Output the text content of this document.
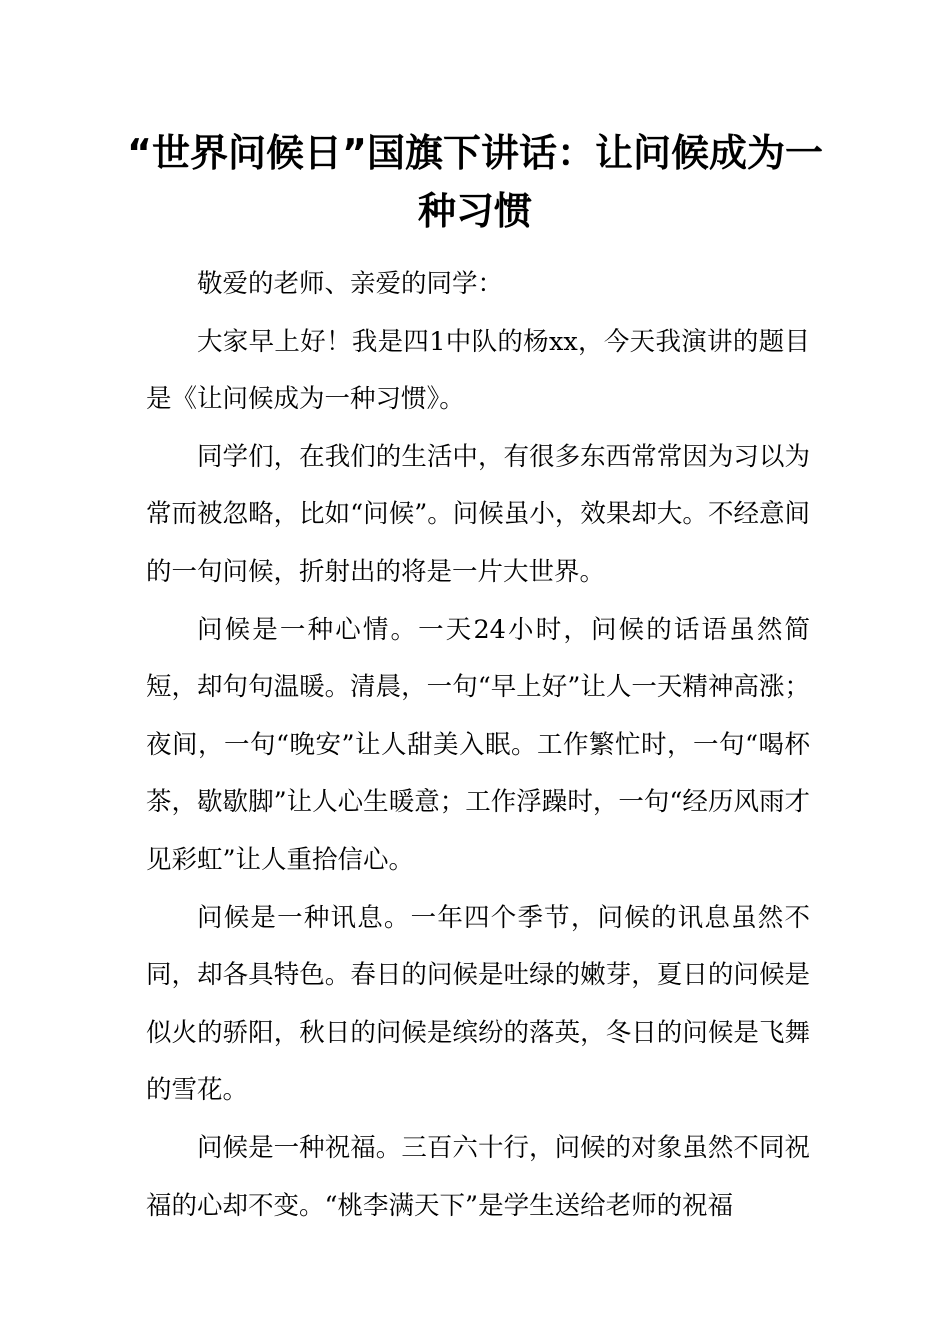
“世界问候日”国旗下讲话：让问候成为一种习惯

敬爱的老师、亲爱的同学：

大家早上好！我是四1中队的杨xx，今天我演讲的题目是《让问候成为一种习惯》。

同学们，在我们的生活中，有很多东西常常因为习以为常而被忽略，比如“问候”。问候虽小，效果却大。不经意间的一句问候，折射出的将是一片大世界。

问候是一种心情。一天24小时，问候的话语虽然简短，却句句温暖。清晨，一句“早上好”让人一天精神高涨；夜间，一句“晚安”让人甜美入眠。工作繁忙时，一句“喝杯茶，歇歇脚”让人心生暖意；工作浮躁时，一句“经历风雨才见彩虹”让人重拾信心。

问候是一种讯息。一年四个季节，问候的讯息虽然不同，却各具特色。春日的问候是吐绿的嫩芽，夏日的问候是似火的骄阳，秋日的问候是缤纷的落英，冬日的问候是飞舞的雪花。

问候是一种祝福。三百六十行，问候的对象虽然不同祝福的心却不变。“桃李满天下”是学生送给老师的祝福
